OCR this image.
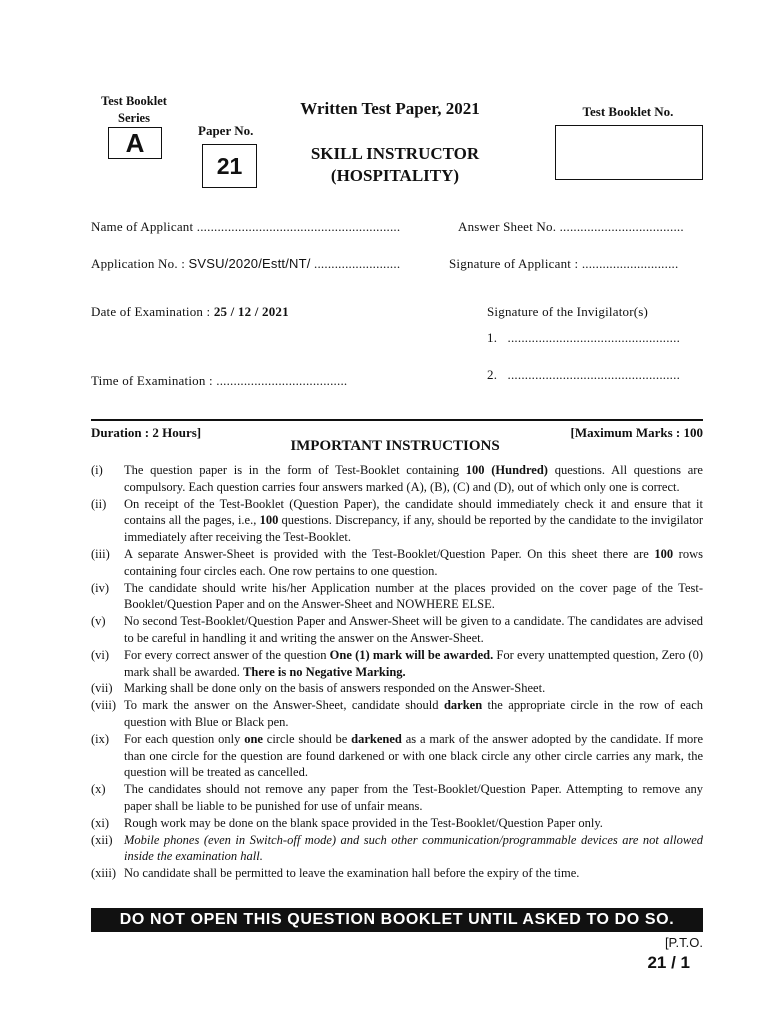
Test Booklet
Series
A	Paper No.
21
Written Test Paper, 2021
SKILL INSTRUCTOR
(HOSPITALITY)
Test Booklet No.
Name of Applicant ...........................................................	Answer Sheet No. ....................................
Application No. : SVSU/2020/Estt/NT/ .........................	Signature of Applicant : ............................
Date of Examination : 25 / 12 / 2021
Time of Examination : ......................................
Signature of the Invigilator(s)
1. ..................................................
2. ..................................................
Duration : 2 Hours]	[Maximum Marks : 100
IMPORTANT INSTRUCTIONS
(i)	The question paper is in the form of Test-Booklet containing 100 (Hundred) questions. All questions are compulsory. Each question carries four answers marked (A), (B), (C) and (D), out of which only one is correct.
(ii)	On receipt of the Test-Booklet (Question Paper), the candidate should immediately check it and ensure that it contains all the pages, i.e., 100 questions. Discrepancy, if any, should be reported by the candidate to the invigilator immediately after receiving the Test-Booklet.
(iii)	A separate Answer-Sheet is provided with the Test-Booklet/Question Paper. On this sheet there are 100 rows containing four circles each. One row pertains to one question.
(iv)	The candidate should write his/her Application number at the places provided on the cover page of the Test-Booklet/Question Paper and on the Answer-Sheet and NOWHERE ELSE.
(v)	No second Test-Booklet/Question Paper and Answer-Sheet will be given to a candidate. The candidates are advised to be careful in handling it and writing the answer on the Answer-Sheet.
(vi)	For every correct answer of the question One (1) mark will be awarded. For every unattempted question, Zero (0) mark shall be awarded. There is no Negative Marking.
(vii) Marking shall be done only on the basis of answers responded on the Answer-Sheet.
(viii) To mark the answer on the Answer-Sheet, candidate should darken the appropriate circle in the row of each question with Blue or Black pen.
(ix)	For each question only one circle should be darkened as a mark of the answer adopted by the candidate. If more than one circle for the question are found darkened or with one black circle any other circle carries any mark, the question will be treated as cancelled.
(x)	The candidates should not remove any paper from the Test-Booklet/Question Paper. Attempting to remove any paper shall be liable to be punished for use of unfair means.
(xi)	Rough work may be done on the blank space provided in the Test-Booklet/Question Paper only.
(xii) Mobile phones (even in Switch-off mode) and such other communication/programmable devices are not allowed inside the examination hall.
(xiii) No candidate shall be permitted to leave the examination hall before the expiry of the time.
DO NOT OPEN THIS QUESTION BOOKLET UNTIL ASKED TO DO SO.
[P.T.O.
21 / 1
